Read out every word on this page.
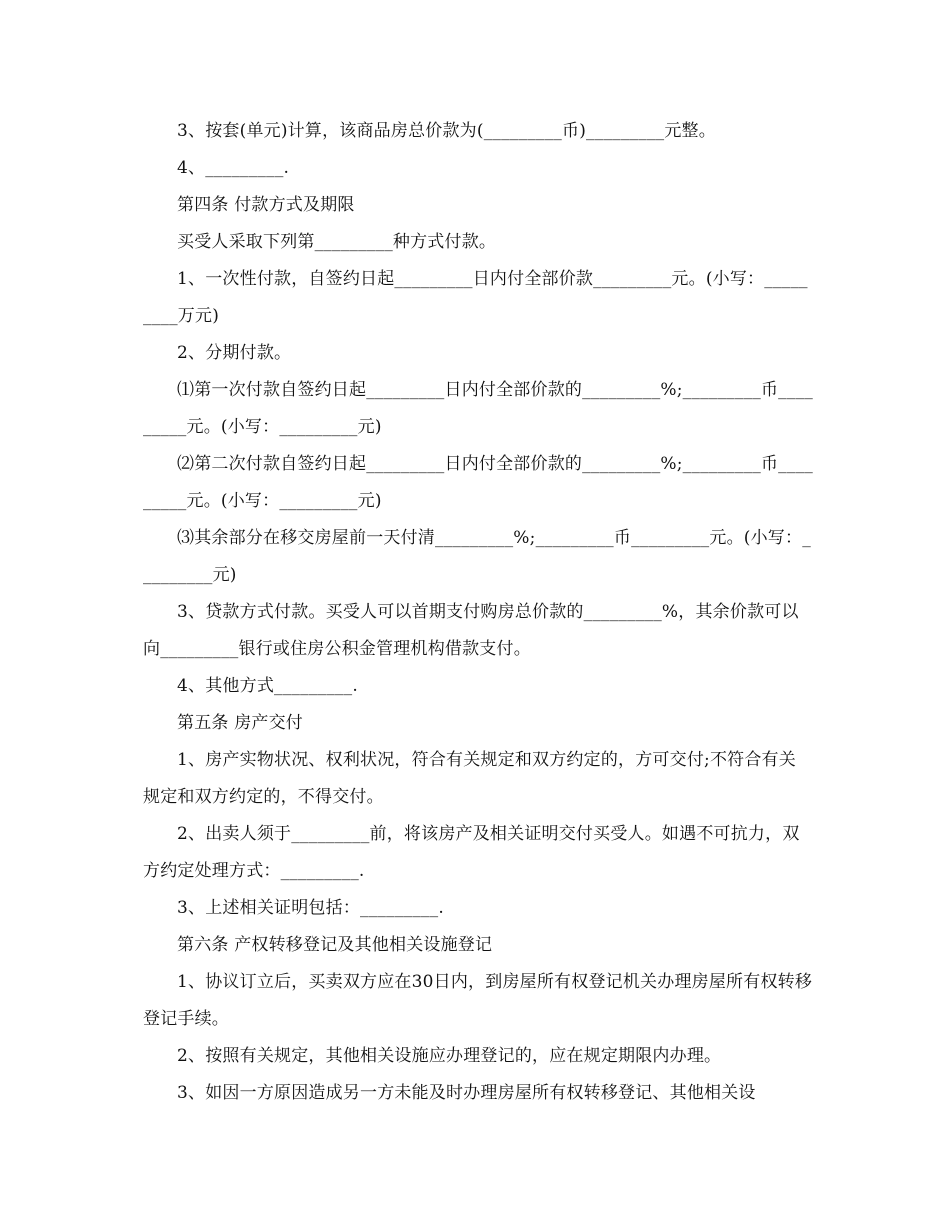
3、按套(单元)计算，该商品房总价款为(_________币)_________元整。

4、_________.

第四条 付款方式及期限

买受人采取下列第_________种方式付款。

1、一次性付款，自签约日起_________日内付全部价款_________元。(小写：_________万元)

2、分期付款。

⑴第一次付款自签约日起_________日内付全部价款的_________%;_________币_________元。(小写：_________元)

⑵第二次付款自签约日起_________日内付全部价款的_________%;_________币_________元。(小写：_________元)

⑶其余部分在移交房屋前一天付清_________%;_________币_________元。(小写：_________元)

3、贷款方式付款。买受人可以首期支付购房总价款的_________%，其余价款可以向_________银行或住房公积金管理机构借款支付。

4、其他方式_________.

第五条 房产交付

1、房产实物状况、权利状况，符合有关规定和双方约定的，方可交付;不符合有关规定和双方约定的，不得交付。

2、出卖人须于_________前，将该房产及相关证明交付买受人。如遇不可抗力，双方约定处理方式：_________.

3、上述相关证明包括：_________.

第六条 产权转移登记及其他相关设施登记

1、协议订立后，买卖双方应在30日内，到房屋所有权登记机关办理房屋所有权转移登记手续。

2、按照有关规定，其他相关设施应办理登记的，应在规定期限内办理。

3、如因一方原因造成另一方未能及时办理房屋所有权转移登记、其他相关设
